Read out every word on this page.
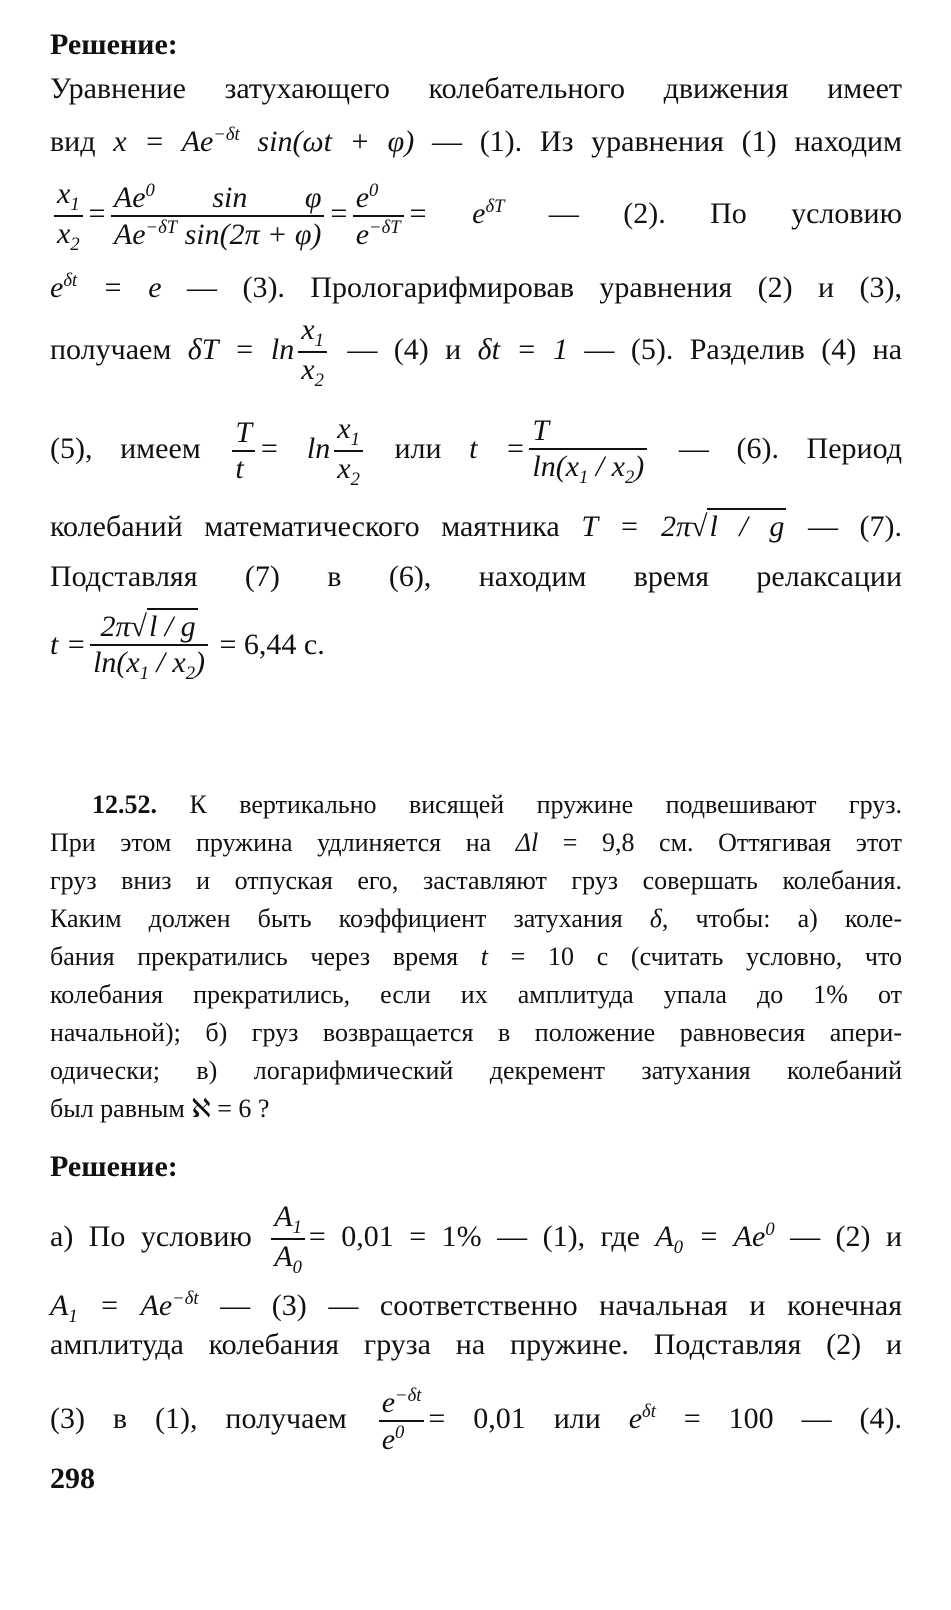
Решение:
Уравнение затухающего колебательного движения имеет
вид $x = Ae^{-\delta t}$ sin(ωt + φ) — (1). Из уравнения (1) находим
$\frac{x_1}{x_2} = \frac{Ae^0 \sin \varphi}{Ae^{-\delta T} \sin(2\pi + \varphi)} = \frac{e^0}{e^{-\delta T}} = e^{\delta T}$ — (2). По условию
$e^{\delta t} = e$ — (3). Прологарифмировав уравнения (2) и (3),
получаем $\delta T = \ln \frac{x_1}{x_2}$ — (4) и δt = 1 — (5). Разделив (4) на
(5), имеем $\frac{T}{t} = \ln \frac{x_1}{x_2}$ или $t = \frac{T}{\ln(x_1 / x_2)}$ — (6). Период
колебаний математического маятника T = 2π√l / g — (7).
Подставляя (7) в (6), находим время релаксации
$t = \frac{2\pi√l / g}{\ln(x_1 / x_2)} = 6,44$ с.
12.52. К вертикально висящей пружине подвешивают груз.
При этом пружина удлиняется на Δl = 9,8 см. Оттягивая этот
груз вниз и отпуская его, заставляют груз совершать колебания.
Каким должен быть коэффициент затухания δ, чтобы: а) коле-
бания прекратились через время t = 10 с (считать условно, что
колебания прекратились, если их амплитуда упала до 1% от
начальной); б) груз возвращается в положение равновесия апери-
одически; в) логарифмический декремент затухания колебаний
был равным ℵ = 6 ?
Решение:
а) По условию $\frac{A_1}{A_0} = 0,01 = 1\%$ — (1), где $A_0 = Ae^0$ — (2) и
$A_1 = Ae^{-\delta t}$ — (3) — соответственно начальная и конечная
амплитуда колебания груза на пружине. Подставляя (2) и
(3) в (1), получаем $\frac{e^{-\delta t}}{e^0} = 0,01$ или $e^{\delta t} = 100$ — (4).
298
